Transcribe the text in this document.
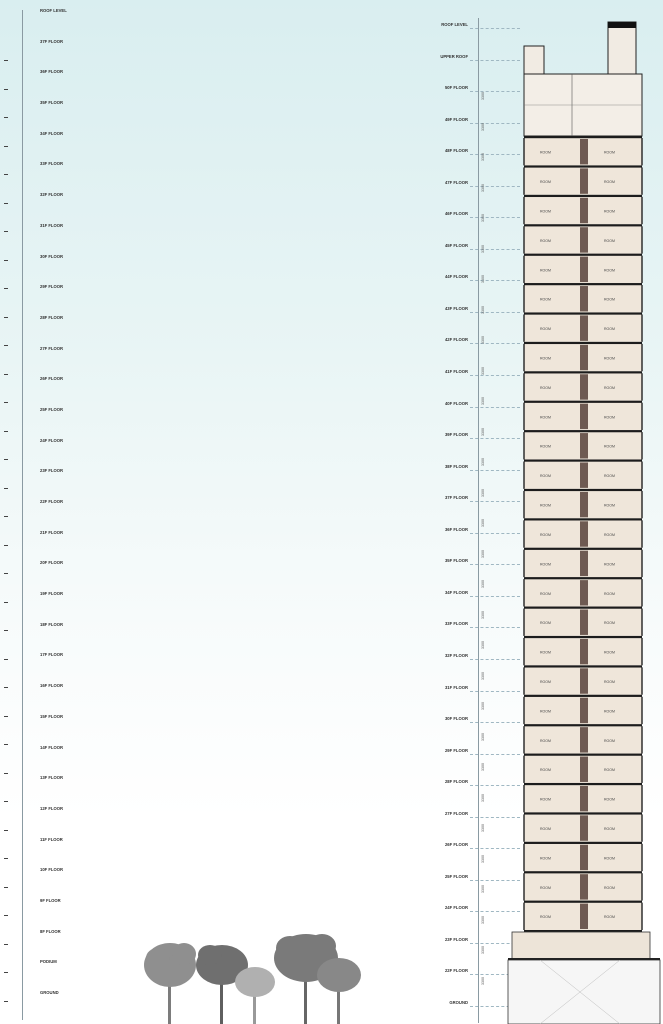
ROOF LEVEL
37F FLOOR
36F FLOOR
35F FLOOR
34F FLOOR
33F FLOOR
32F FLOOR
31F FLOOR
30F FLOOR
29F FLOOR
28F FLOOR
27F FLOOR
26F FLOOR
25F FLOOR
24F FLOOR
23F FLOOR
22F FLOOR
21F FLOOR
20F FLOOR
19F FLOOR
18F FLOOR
17F FLOOR
16F FLOOR
15F FLOOR
14F FLOOR
13F FLOOR
12F FLOOR
11F FLOOR
10F FLOOR
9F FLOOR
8F FLOOR
PODIUM
GROUND
ROOF LEVEL
UPPER ROOF
50F FLOOR
49F FLOOR
48F FLOOR
47F FLOOR
46F FLOOR
45F FLOOR
44F FLOOR
43F FLOOR
42F FLOOR
41F FLOOR
40F FLOOR
39F FLOOR
38F FLOOR
37F FLOOR
36F FLOOR
35F FLOOR
34F FLOOR
33F FLOOR
32F FLOOR
31F FLOOR
30F FLOOR
29F FLOOR
28F FLOOR
27F FLOOR
26F FLOOR
25F FLOOR
24F FLOOR
23F FLOOR
22F FLOOR
GROUND
3300
3300
3300
3300
3300
3300
3300
3300
3300
3300
3300
3300
3300
3300
3300
3300
3300
3300
3300
3300
3300
3300
3300
3300
3300
3300
3300
3300
3300
3300
ROOM	ROOM
ROOM	ROOM
ROOM	ROOM
ROOM	ROOM
ROOM	ROOM
ROOM	ROOM
ROOM	ROOM
ROOM	ROOM
ROOM	ROOM
ROOM	ROOM
ROOM	ROOM
ROOM	ROOM
ROOM	ROOM
ROOM	ROOM
ROOM	ROOM
ROOM	ROOM
ROOM	ROOM
ROOM	ROOM
ROOM	ROOM
ROOM	ROOM
ROOM	ROOM
ROOM	ROOM
ROOM	ROOM
ROOM	ROOM
ROOM	ROOM
ROOM	ROOM
ROOM	ROOM
